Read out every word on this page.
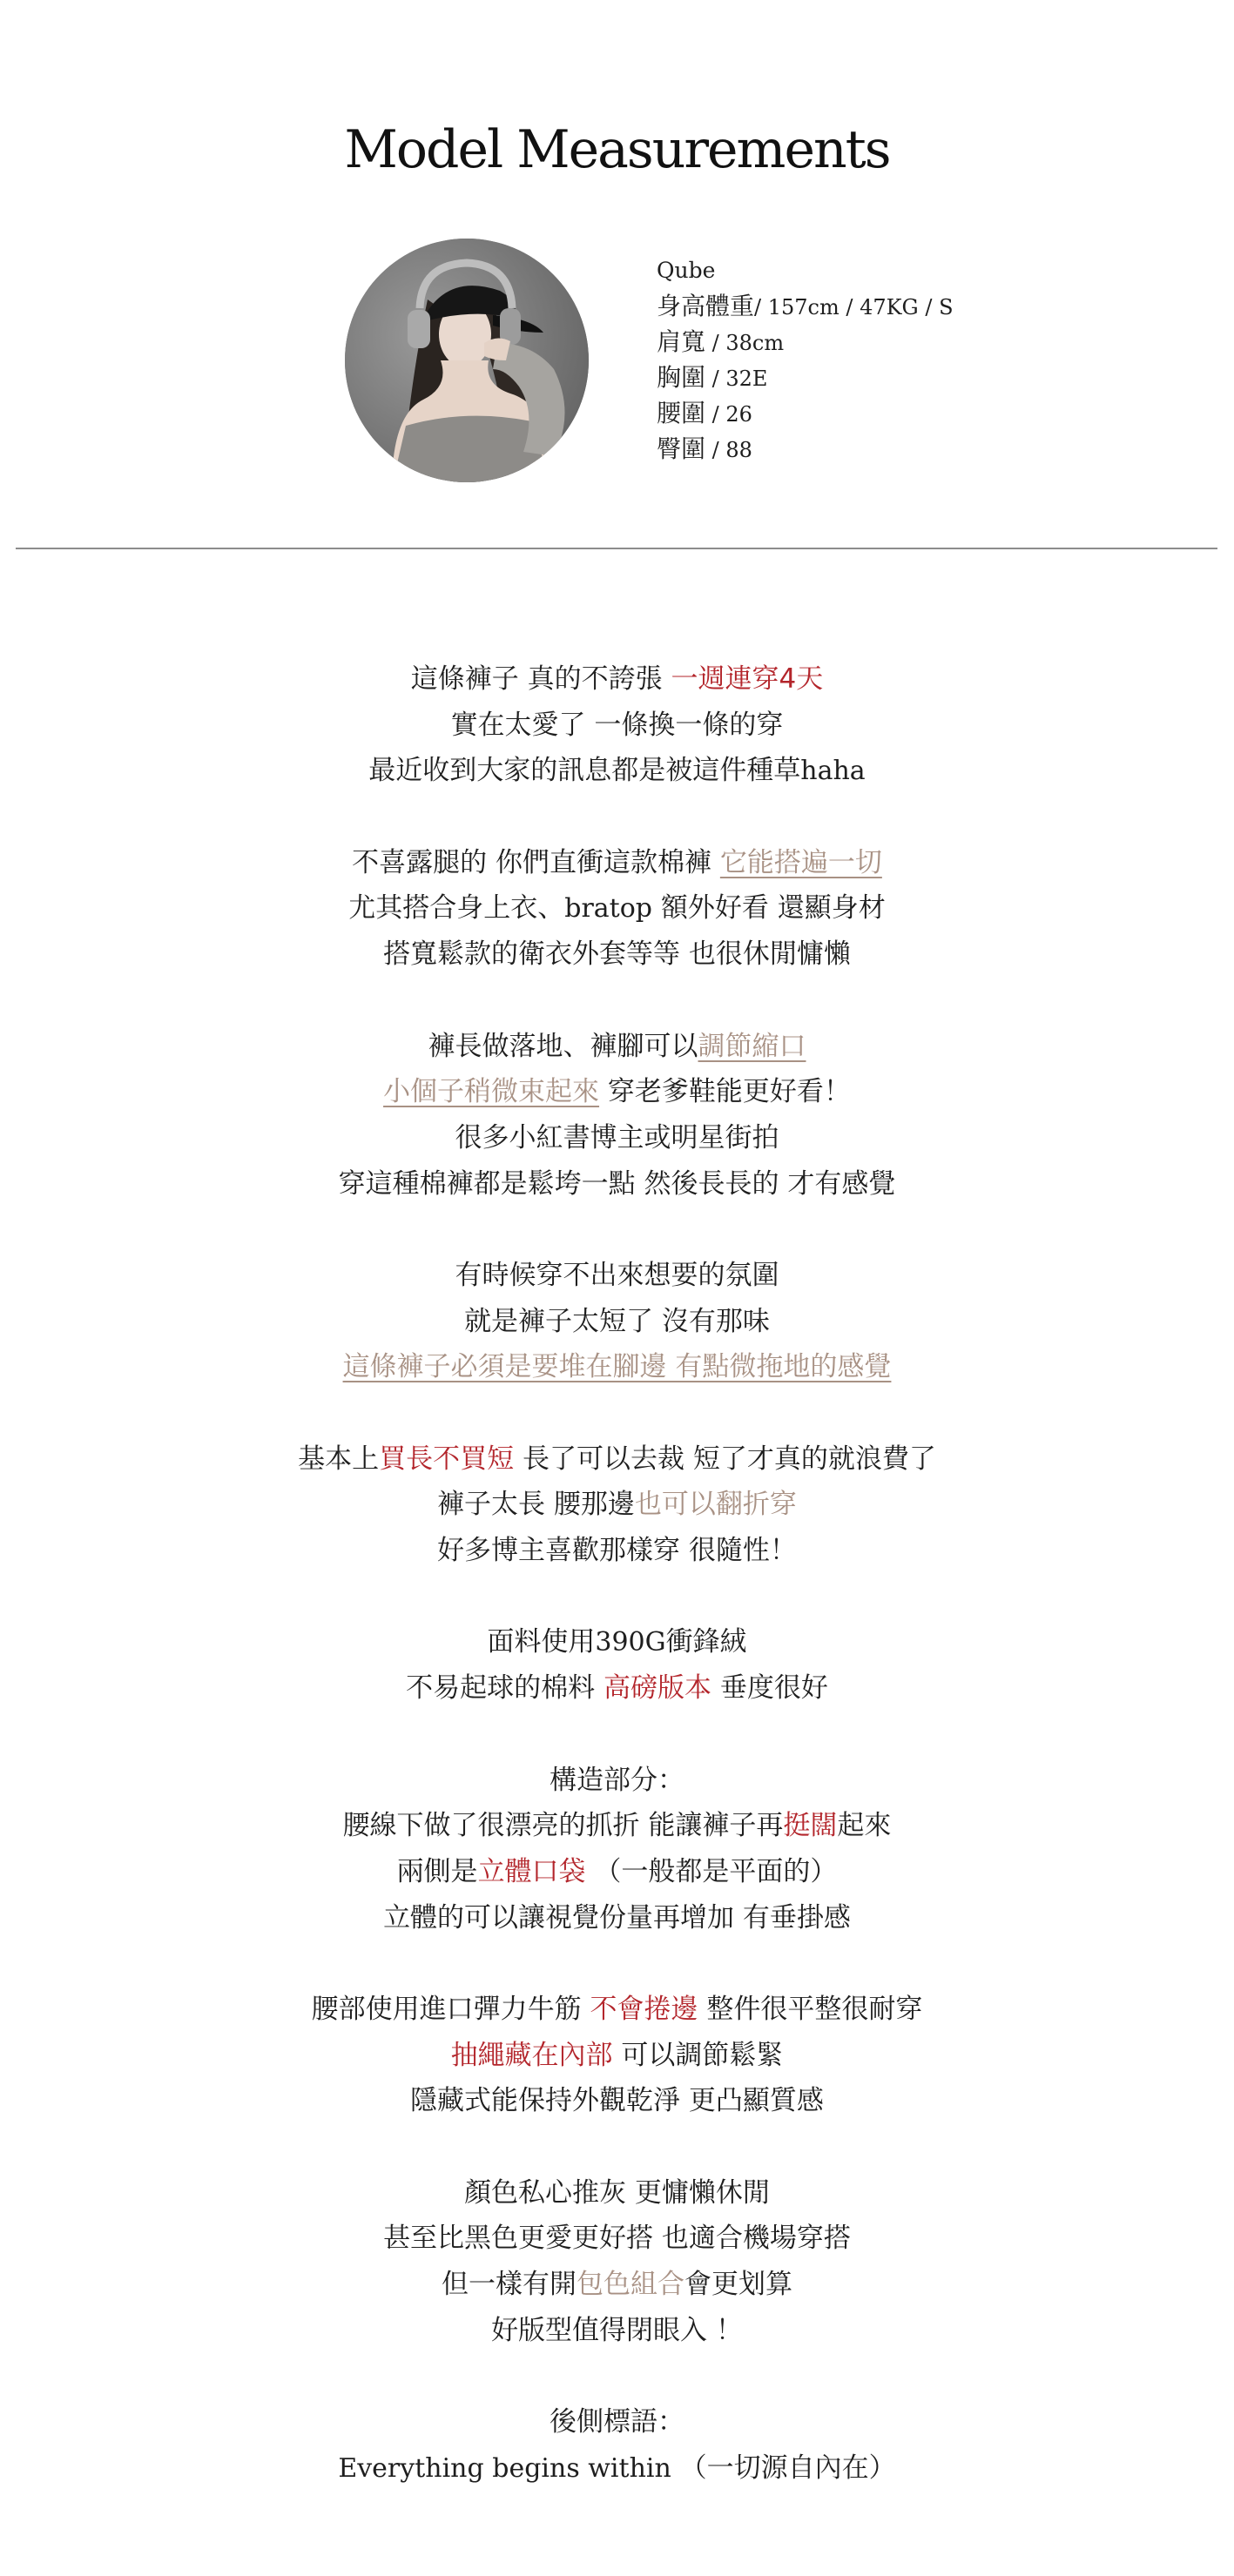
Model Measurements
Qube
身高體重/ 157cm / 47KG / S
肩寬 / 38cm
胸圍 / 32E
腰圍 / 26
臀圍 / 88
這條褲子 真的不誇張 一週連穿4天
實在太愛了 一條換一條的穿
最近收到大家的訊息都是被這件種草haha
不喜露腿的 你們直衝這款棉褲 它能搭遍一切
尤其搭合身上衣、bratop 額外好看 還顯身材
搭寬鬆款的衛衣外套等等 也很休閒慵懶
褲長做落地、褲腳可以調節縮口
小個子稍微束起來 穿老爹鞋能更好看！
很多小紅書博主或明星街拍
穿這種棉褲都是鬆垮一點 然後長長的 才有感覺
有時候穿不出來想要的氛圍
就是褲子太短了 沒有那味
這條褲子必須是要堆在腳邊 有點微拖地的感覺
基本上買長不買短 長了可以去裁 短了才真的就浪費了
褲子太長 腰那邊也可以翻折穿
好多博主喜歡那樣穿 很隨性！
面料使用390G衝鋒絨
不易起球的棉料 高磅版本 垂度很好
構造部分：
腰線下做了很漂亮的抓折 能讓褲子再挺闊起來
兩側是立體口袋 （一般都是平面的）
立體的可以讓視覺份量再增加 有垂掛感
腰部使用進口彈力牛筋 不會捲邊 整件很平整很耐穿
抽繩藏在內部 可以調節鬆緊
隱藏式能保持外觀乾淨 更凸顯質感
顏色私心推灰 更慵懶休閒
甚至比黑色更愛更好搭 也適合機場穿搭
但一樣有開包色組合會更划算
好版型值得閉眼入 ！
後側標語：
Everything begins within （一切源自內在）
